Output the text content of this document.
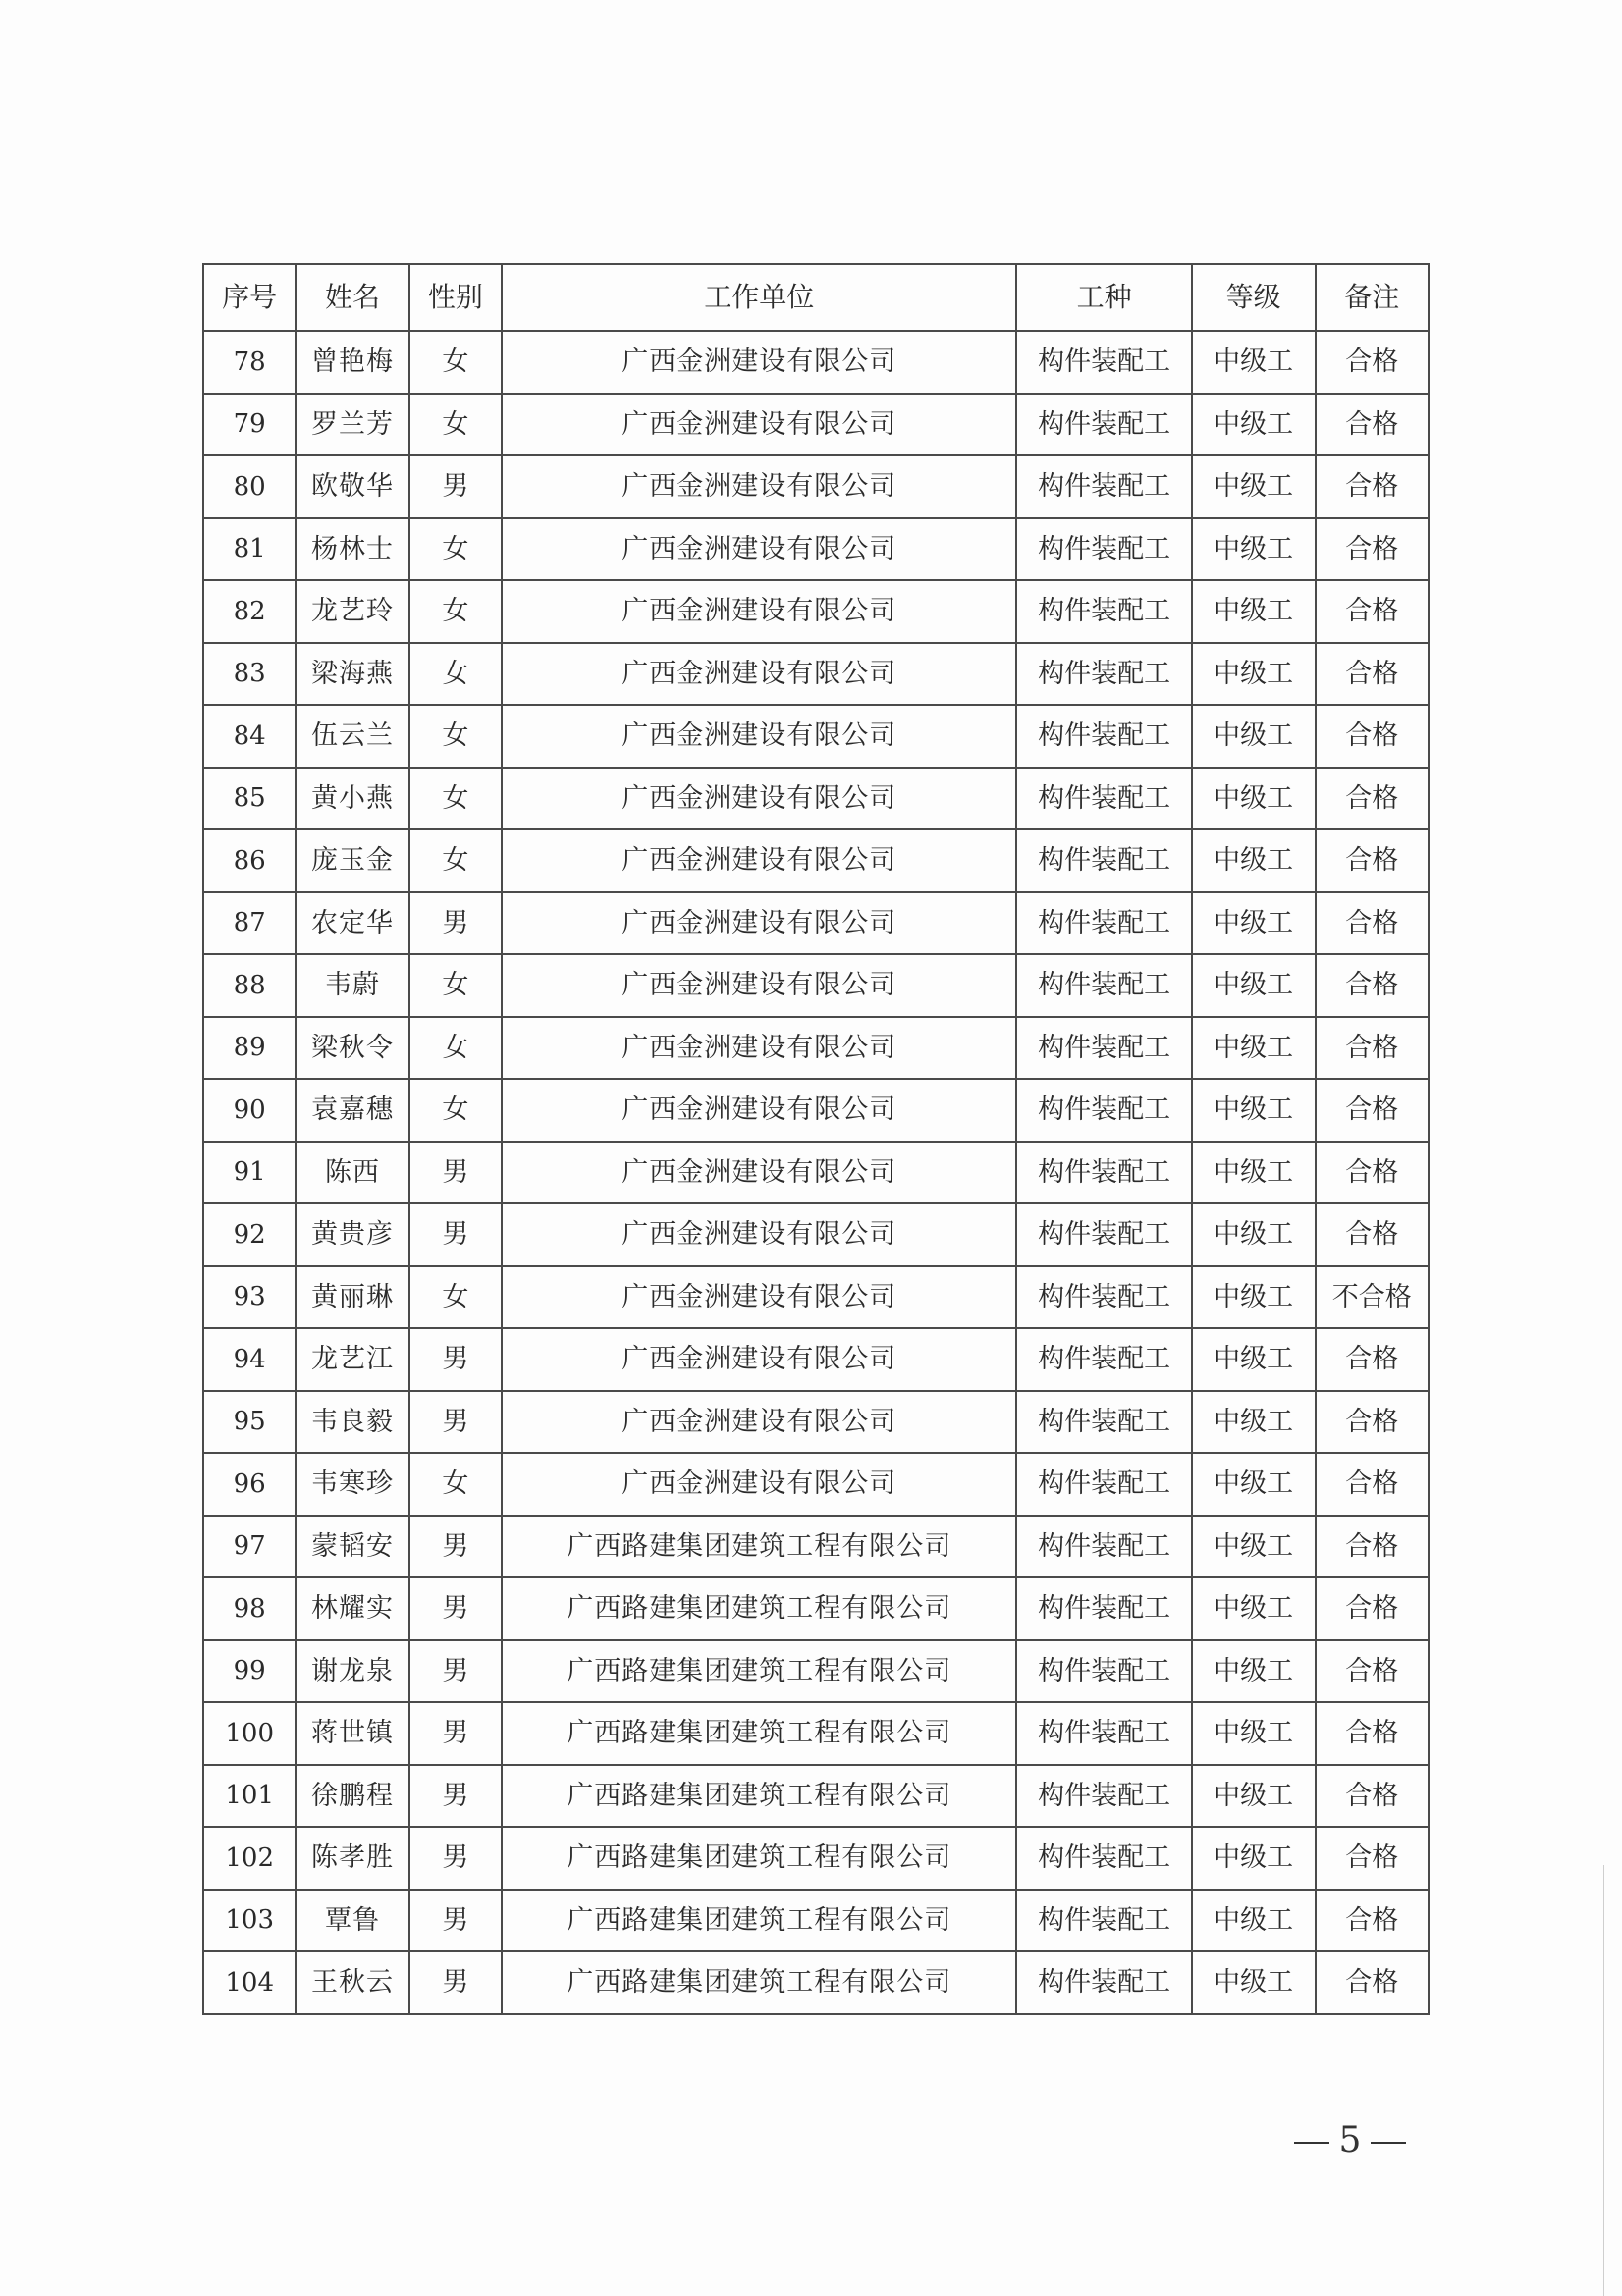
序号	姓名	性别	工作单位	工种	等级	备注
78	曾艳梅	女	广西金洲建设有限公司	构件装配工	中级工	合格
79	罗兰芳	女	广西金洲建设有限公司	构件装配工	中级工	合格
80	欧敬华	男	广西金洲建设有限公司	构件装配工	中级工	合格
81	杨林士	女	广西金洲建设有限公司	构件装配工	中级工	合格
82	龙艺玲	女	广西金洲建设有限公司	构件装配工	中级工	合格
83	梁海燕	女	广西金洲建设有限公司	构件装配工	中级工	合格
84	伍云兰	女	广西金洲建设有限公司	构件装配工	中级工	合格
85	黄小燕	女	广西金洲建设有限公司	构件装配工	中级工	合格
86	庞玉金	女	广西金洲建设有限公司	构件装配工	中级工	合格
87	农定华	男	广西金洲建设有限公司	构件装配工	中级工	合格
88	韦蔚	女	广西金洲建设有限公司	构件装配工	中级工	合格
89	梁秋令	女	广西金洲建设有限公司	构件装配工	中级工	合格
90	袁嘉穗	女	广西金洲建设有限公司	构件装配工	中级工	合格
91	陈西	男	广西金洲建设有限公司	构件装配工	中级工	合格
92	黄贵彦	男	广西金洲建设有限公司	构件装配工	中级工	合格
93	黄丽琳	女	广西金洲建设有限公司	构件装配工	中级工	不合格
94	龙艺江	男	广西金洲建设有限公司	构件装配工	中级工	合格
95	韦良毅	男	广西金洲建设有限公司	构件装配工	中级工	合格
96	韦寒珍	女	广西金洲建设有限公司	构件装配工	中级工	合格
97	蒙韬安	男	广西路建集团建筑工程有限公司	构件装配工	中级工	合格
98	林耀实	男	广西路建集团建筑工程有限公司	构件装配工	中级工	合格
99	谢龙泉	男	广西路建集团建筑工程有限公司	构件装配工	中级工	合格
100	蒋世镇	男	广西路建集团建筑工程有限公司	构件装配工	中级工	合格
101	徐鹏程	男	广西路建集团建筑工程有限公司	构件装配工	中级工	合格
102	陈孝胜	男	广西路建集团建筑工程有限公司	构件装配工	中级工	合格
103	覃鲁	男	广西路建集团建筑工程有限公司	构件装配工	中级工	合格
104	王秋云	男	广西路建集团建筑工程有限公司	构件装配工	中级工	合格
5
